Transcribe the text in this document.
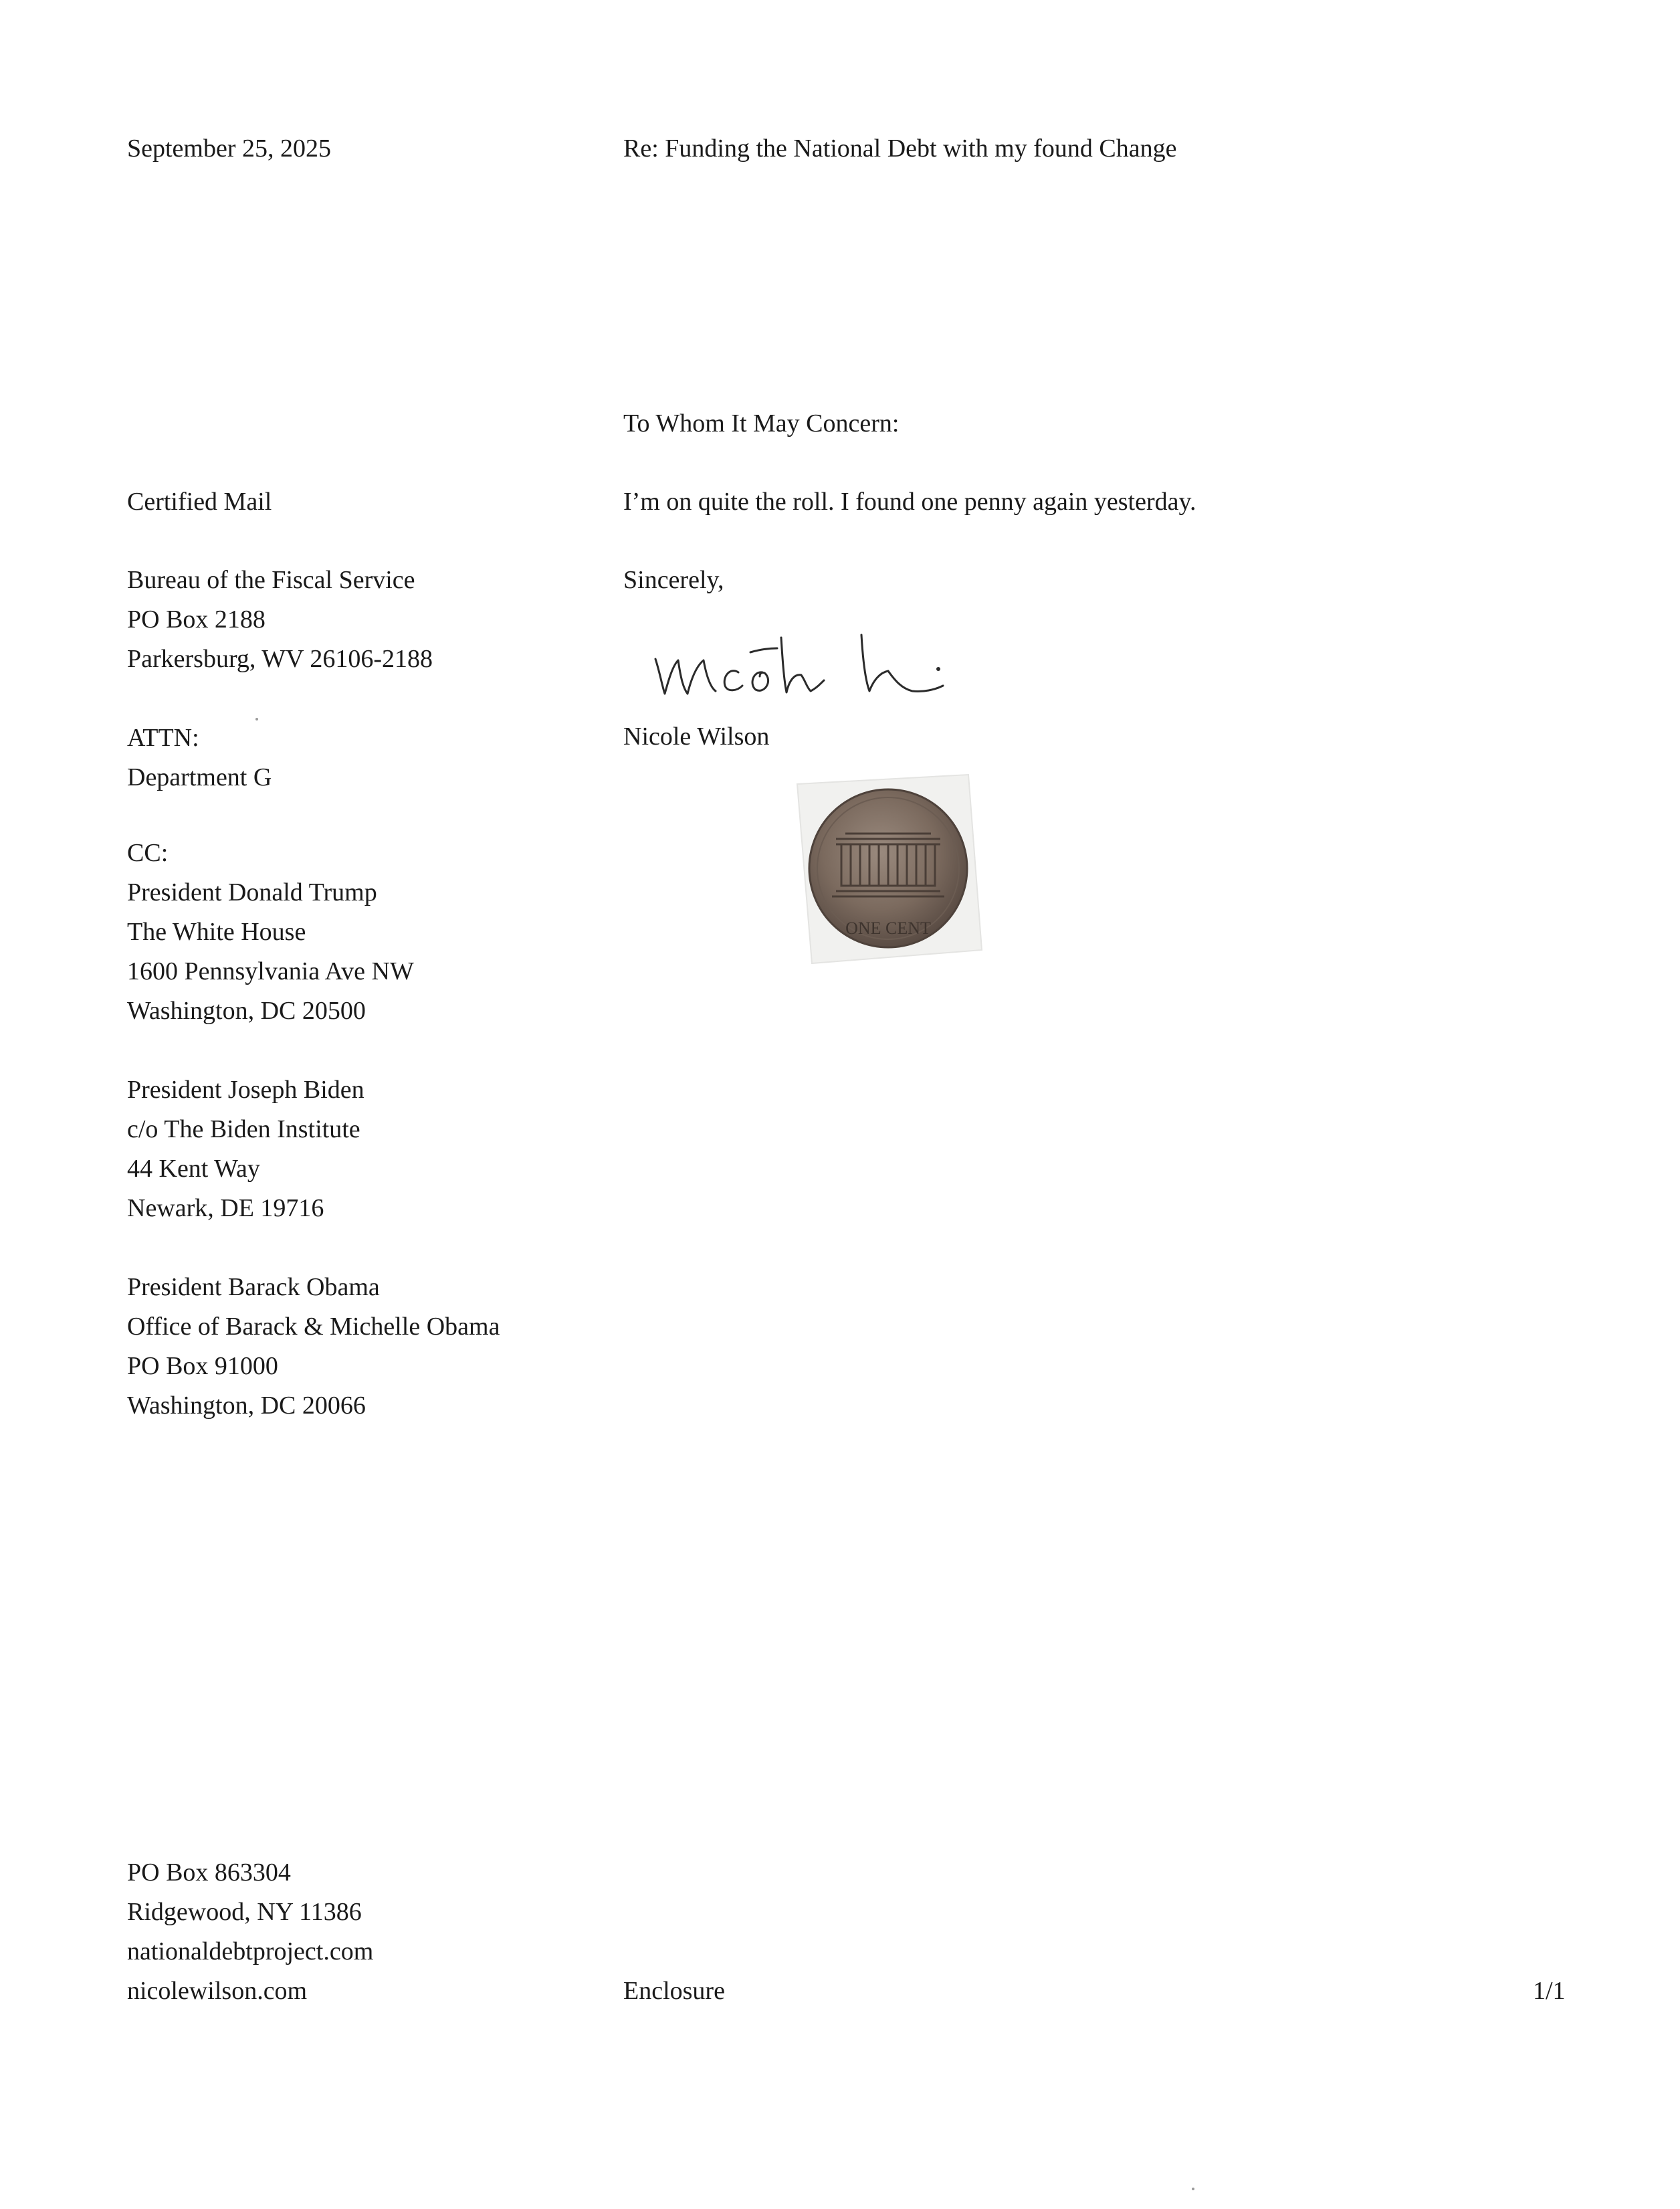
September 25, 2025	Re: Funding the National Debt with my found Change
To Whom It May Concern:
I’m on quite the roll. I found one penny again yesterday.
Sincerely,
Nicole Wilson
ONE CENT
Certified Mail
Bureau of the Fiscal Service
PO Box 2188
Parkersburg, WV 26106-2188
ATTN:
Department G
CC:
President Donald Trump
The White House
1600 Pennsylvania Ave NW
Washington, DC 20500
President Joseph Biden
c/o The Biden Institute
44 Kent Way
Newark, DE 19716
President Barack Obama
Office of Barack & Michelle Obama
PO Box 91000
Washington, DC 20066
PO Box 863304
Ridgewood, NY 11386
nationaldebtproject.com
nicolewilson.com	Enclosure	1/1
